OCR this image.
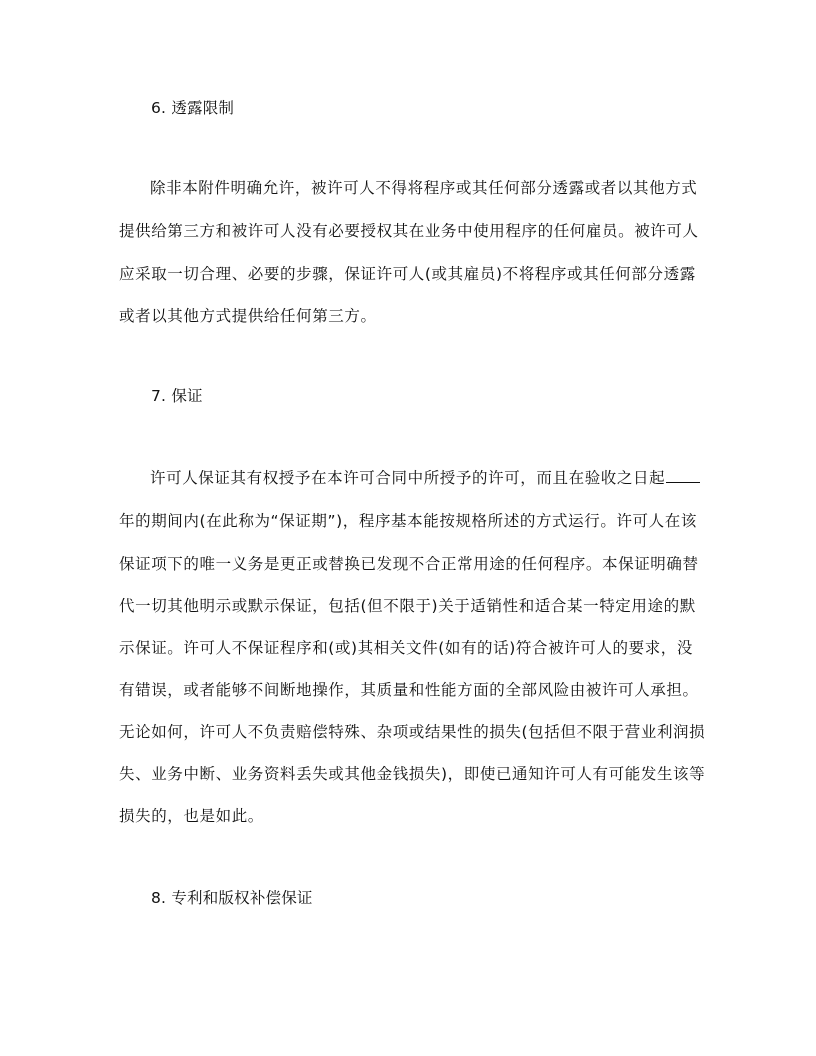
6. 透露限制
除非本附件明确允许，被许可人不得将程序或其任何部分透露或者以其他方式
提供给第三方和被许可人没有必要授权其在业务中使用程序的任何雇员。被许可人
应采取一切合理、必要的步骤，保证许可人(或其雇员)不将程序或其任何部分透露
或者以其他方式提供给任何第三方。
7. 保证
许可人保证其有权授予在本许可合同中所授予的许可，而且在验收之日起
年的期间内(在此称为“保证期”)，程序基本能按规格所述的方式运行。许可人在该
保证项下的唯一义务是更正或替换已发现不合正常用途的任何程序。本保证明确替
代一切其他明示或默示保证，包括(但不限于)关于适销性和适合某一特定用途的默
示保证。许可人不保证程序和(或)其相关文件(如有的话)符合被许可人的要求，没
有错误，或者能够不间断地操作，其质量和性能方面的全部风险由被许可人承担。
无论如何，许可人不负责赔偿特殊、杂项或结果性的损失(包括但不限于营业利润损
失、业务中断、业务资料丢失或其他金钱损失)，即使已通知许可人有可能发生该等
损失的，也是如此。
8. 专利和版权补偿保证
